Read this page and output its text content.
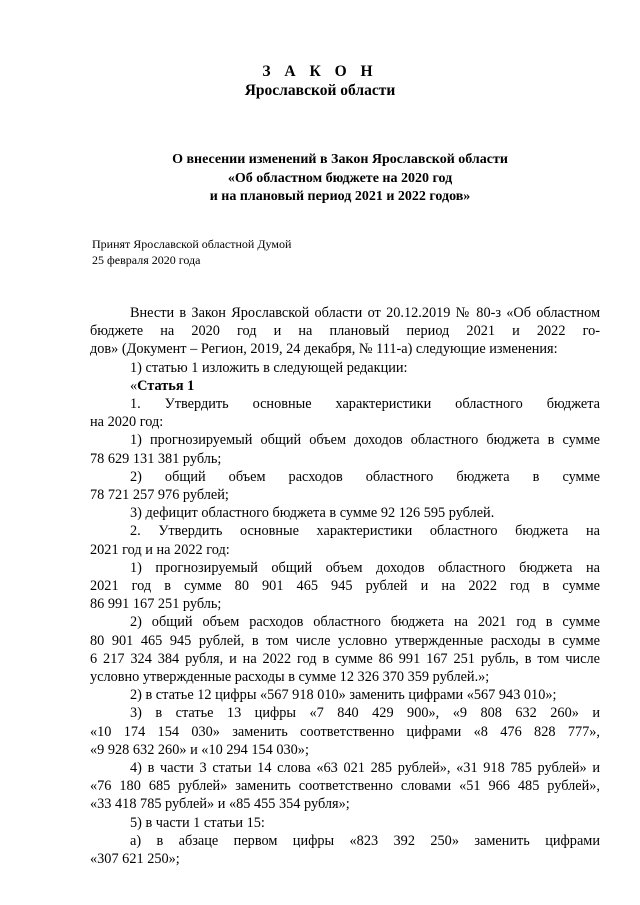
З А К О Н
Ярославской области
О внесении изменений в Закон Ярославской области
«Об областном бюджете на 2020 год
и на плановый период 2021 и 2022 годов»
Принят Ярославской областной Думой
25 февраля 2020 года

Внести в Закон Ярославской области от 20.12.2019 № 80-з «Об областном бюджете на 2020 год и на плановый период 2021 и 2022 го-

дов» (Документ – Регион, 2019, 24 декабря, № 111-а) следующие изменения:

1) статью 1 изложить в следующей редакции:

«Статья 1

1. Утвердить основные характеристики областного бюджета

на 2020 год:

1) прогнозируемый общий объем доходов областного бюджета в сумме

78 629 131 381 рубль;

2) общий объем расходов областного бюджета в сумме

78 721 257 976 рублей;

3) дефицит областного бюджета в сумме 92 126 595 рублей.

2. Утвердить основные характеристики областного бюджета на

2021 год и на 2022 год:

1) прогнозируемый общий объем доходов областного бюджета на

2021 год в сумме 80 901 465 945 рублей и на 2022 год в сумме

86 991 167 251 рубль;

2) общий объем расходов областного бюджета на 2021 год в сумме

80 901 465 945 рублей, в том числе условно утвержденные расходы в сумме

6 217 324 384 рубля, и на 2022 год в сумме 86 991 167 251 рубль, в том числе

условно утвержденные расходы в сумме 12 326 370 359 рублей.»;

2) в статье 12 цифры «567 918 010» заменить цифрами «567 943 010»;

3) в статье 13 цифры «7 840 429 900», «9 808 632 260» и

«10 174 154 030» заменить соответственно цифрами «8 476 828 777»,

«9 928 632 260» и «10 294 154 030»;

4) в части 3 статьи 14 слова «63 021 285 рублей», «31 918 785 рублей» и

«76 180 685 рублей» заменить соответственно словами «51 966 485 рублей»,

«33 418 785 рублей» и «85 455 354 рубля»;

5) в части 1 статьи 15:

а) в абзаце первом цифры «823 392 250» заменить цифрами

«307 621 250»;
